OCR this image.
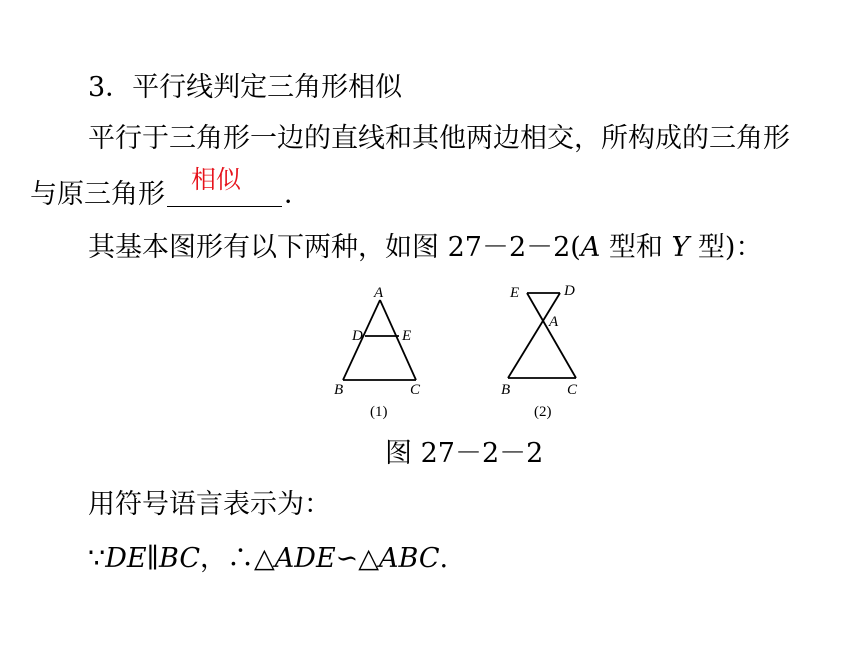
3．平行线判定三角形相似
平行于三角形一边的直线和其他两边相交，所构成的三角形
与原三角形 相似 ．
其基本图形有以下两种，如图 27－2－2(A 型和 Y 型)：
A
D	E
B	C
(1)
E	D
A
B	C
(2)
图 27－2－2
用符号语言表示为：
∵DE∥BC，∴△ADE∽△ABC.
